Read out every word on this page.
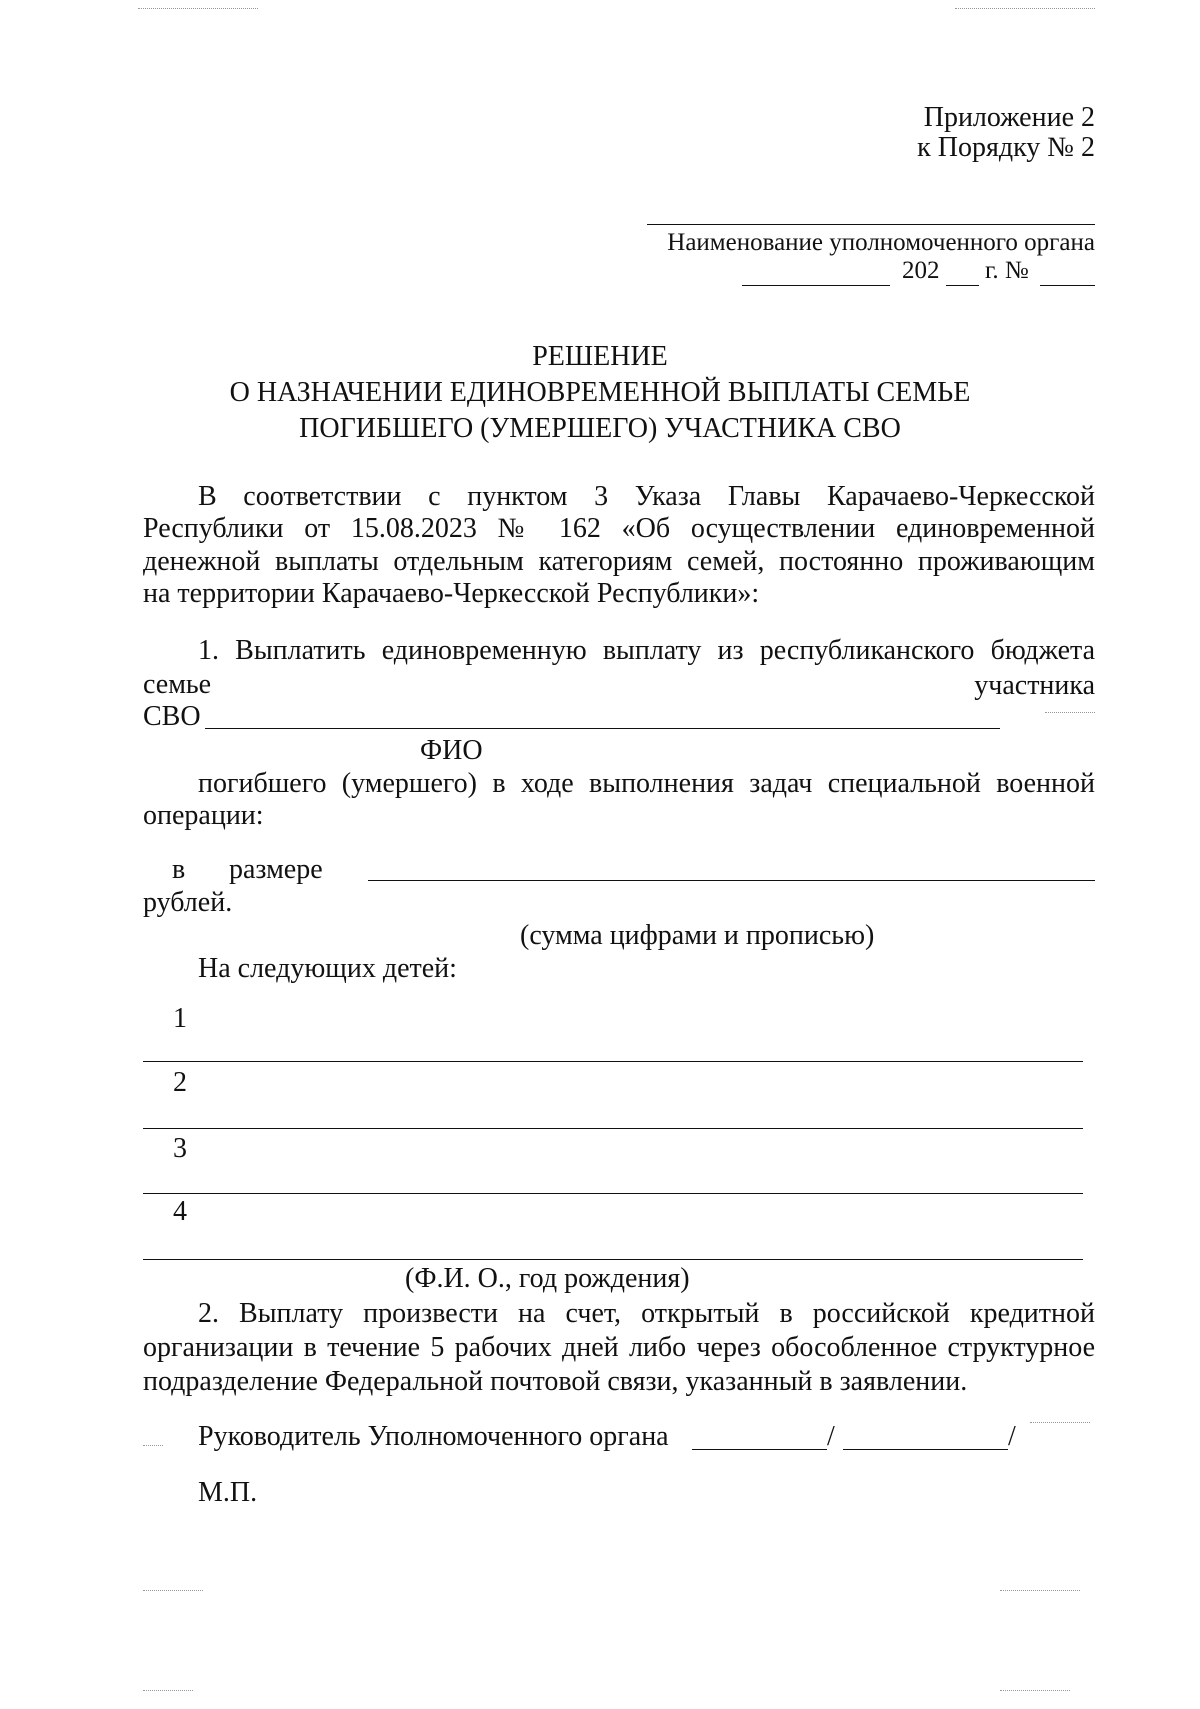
Приложение 2
к Порядку № 2
Наименование уполномоченного органа
202 г. №
РЕШЕНИЕ
О НАЗНАЧЕНИИ ЕДИНОВРЕМЕННОЙ ВЫПЛАТЫ СЕМЬЕ
ПОГИБШЕГО (УМЕРШЕГО) УЧАСТНИКА СВО
В соответствии с пунктом 3 Указа Главы Карачаево-Черкесской
Республики от 15.08.2023 № 162 «Об осуществлении единовременной
денежной выплаты отдельным категориям семей, постоянно проживающим
на территории Карачаево-Черкесской Республики»:
1. Выплатить единовременную выплату из республиканского бюджета
семье	участника
СВО
ФИО
погибшего (умершего) в ходе выполнения задач специальной военной
операции:
в размере
рублей.
(сумма цифрами и прописью)
На следующих детей:
1
2
3
4
(Ф.И. О., год рождения)
2. Выплату произвести на счет, открытый в российской кредитной
организации в течение 5 рабочих дней либо через обособленное структурное
подразделение Федеральной почтовой связи, указанный в заявлении.
Руководитель Уполномоченного органа	/	/
М.П.
